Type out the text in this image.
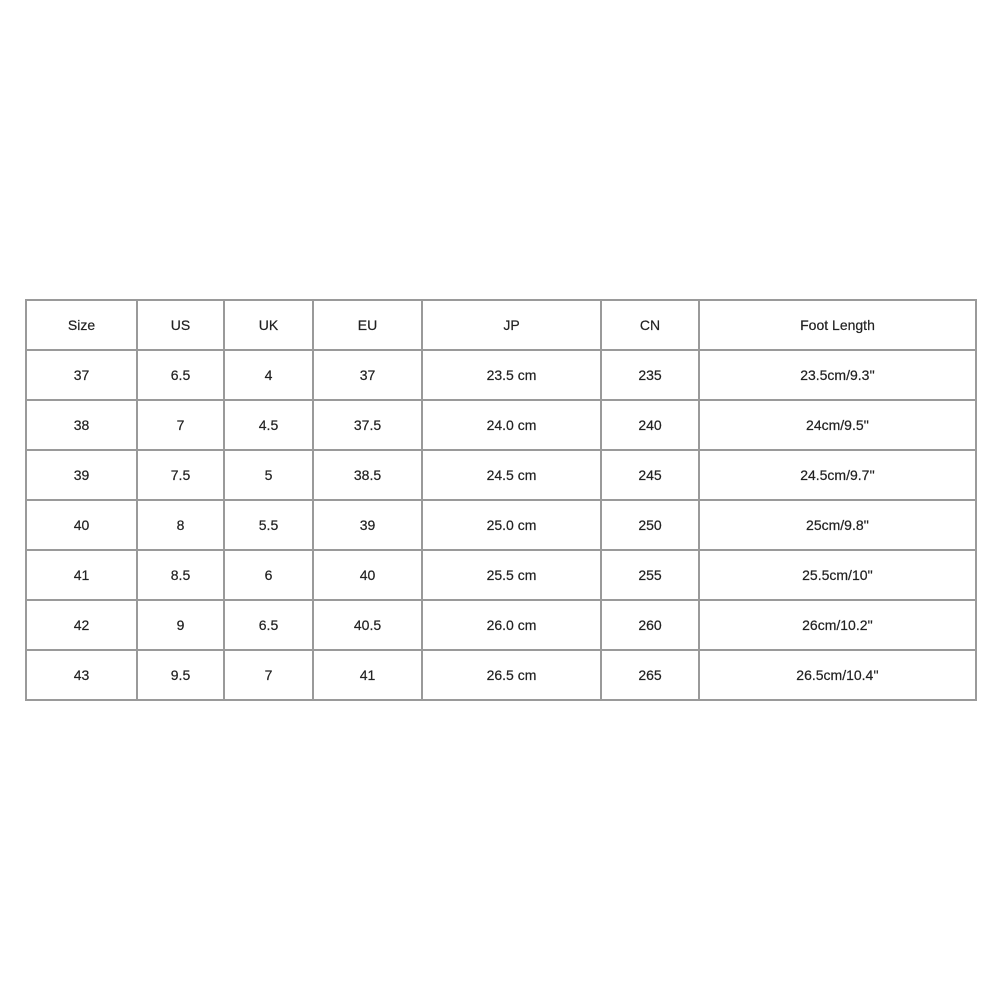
Size	US	UK	EU	JP	CN	Foot Length
37	6.5	4	37	23.5 cm	235	23.5cm/9.3''
38	7	4.5	37.5	24.0 cm	240	24cm/9.5''
39	7.5	5	38.5	24.5 cm	245	24.5cm/9.7''
40	8	5.5	39	25.0 cm	250	25cm/9.8''
41	8.5	6	40	25.5 cm	255	25.5cm/10''
42	9	6.5	40.5	26.0 cm	260	26cm/10.2''
43	9.5	7	41	26.5 cm	265	26.5cm/10.4''
